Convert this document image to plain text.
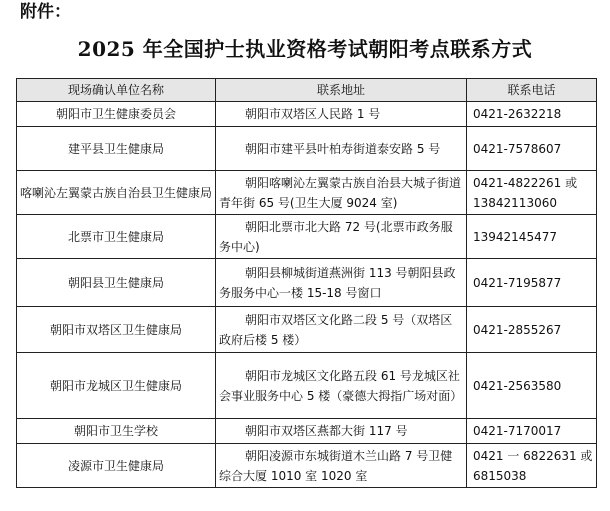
附件：
2025 年全国护士执业资格考试朝阳考点联系方式
现场确认单位名称	联系地址	联系电话
朝阳市卫生健康委员会	朝阳市双塔区人民路 1 号	0421-2632218
建平县卫生健康局	朝阳市建平县叶柏寿街道泰安路 5 号	0421-7578607
喀喇沁左翼蒙古族自治县卫生健康局	朝阳喀喇沁左翼蒙古族自治县大城子街道青年街 65 号(卫生大厦 9024 室)	0421-4822261 或 13842113060
北票市卫生健康局	朝阳北票市北大路 72 号(北票市政务服务中心)	13942145477
朝阳县卫生健康局	朝阳县柳城街道燕洲街 113 号朝阳县政务服务中心一楼 15-18 号窗口	0421-7195877
朝阳市双塔区卫生健康局	朝阳市双塔区文化路二段 5 号（双塔区政府后楼 5 楼）	0421-2855267
朝阳市龙城区卫生健康局	朝阳市龙城区文化路五段 61 号龙城区社会事业服务中心 5 楼（豪德大拇指广场对面）	0421-2563580
朝阳市卫生学校	朝阳市双塔区燕都大街 117 号	0421-7170017
凌源市卫生健康局	朝阳凌源市东城街道木兰山路 7 号卫健综合大厦 1010 室 1020 室	0421 一 6822631 或 6815038
